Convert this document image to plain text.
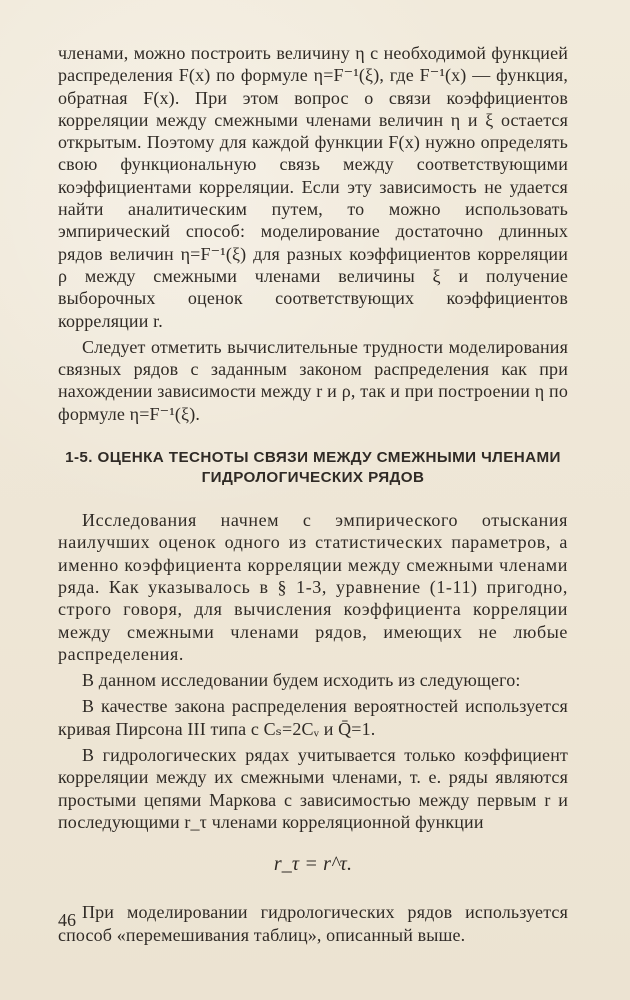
членами, можно построить величину η с необходимой функцией распределения F(x) по формуле η=F⁻¹(ξ), где F⁻¹(x) — функция, обратная F(x). При этом вопрос о связи коэффициентов корреляции между смежными членами величин η и ξ остается открытым. Поэтому для каждой функции F(x) нужно определять свою функциональную связь между соответствующими коэффициентами корреляции. Если эту зависимость не удается найти аналитическим путем, то можно использовать эмпирический способ: моделирование достаточно длинных рядов величин η=F⁻¹(ξ) для разных коэффициентов корреляции ρ между смежными членами величины ξ и получение выборочных оценок соответствующих коэффициентов корреляции r.

Следует отметить вычислительные трудности моделирования связных рядов с заданным законом распределения как при нахождении зависимости между r и ρ, так и при построении η по формуле η=F⁻¹(ξ).

1-5. ОЦЕНКА ТЕСНОТЫ СВЯЗИ МЕЖДУ СМЕЖНЫМИ ЧЛЕНАМИ
ГИДРОЛОГИЧЕСКИХ РЯДОВ

Исследования начнем с эмпирического отыскания наилучших оценок одного из статистических параметров, а именно коэффициента корреляции между смежными членами ряда. Как указывалось в § 1-3, уравнение (1-11) пригодно, строго говоря, для вычисления коэффициента корреляции между смежными членами рядов, имеющих не любые распределения.

В данном исследовании будем исходить из следующего:

В качестве закона распределения вероятностей используется кривая Пирсона III типа с Cₛ=2Cᵥ и Q̄=1.

В гидрологических рядах учитывается только коэффициент корреляции между их смежными членами, т. е. ряды являются простыми цепями Маркова с зависимостью между первым r и последующими r_τ членами корреляционной функции

r_τ = r^τ.

При моделировании гидрологических рядов используется способ «перемешивания таблиц», описанный выше.

46
